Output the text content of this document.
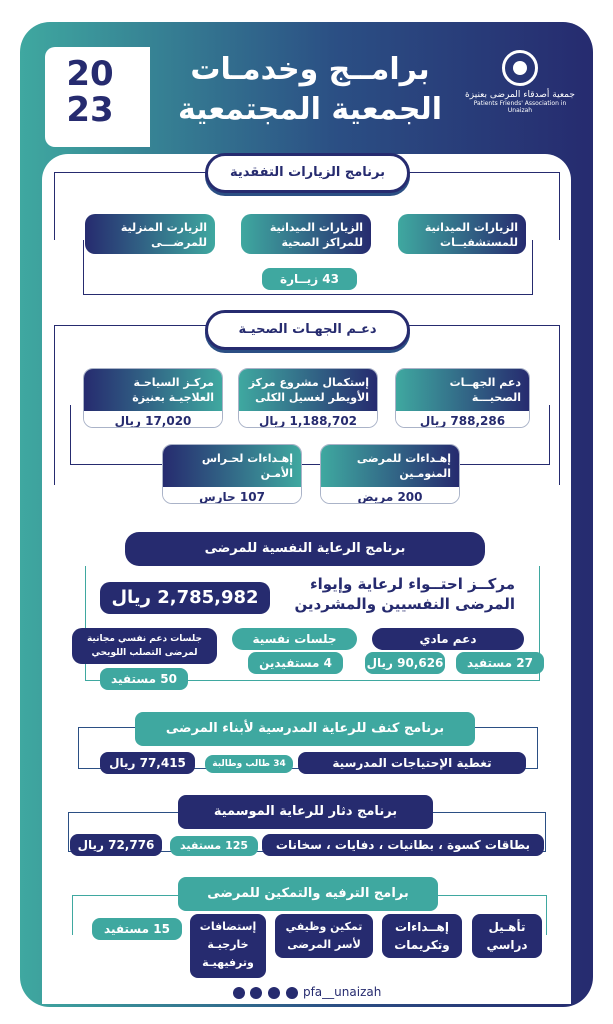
20
23
برامــج وخدمـات
الجمعية المجتمعية	جمعية أصدقاء المرضى بعنيزة
Patients Friends' Association in Unaizah
برنامج الزيارات التفقدية
الزيارات الميدانية للمستشفيــات
الزيارات الميدانية للمراكز الصحية
الزيارت المنزلية للمرضـــى
43 زيــارة
دعـم الجهـات الصحيـة
دعم الجهــات الصحيـــة
788,286 ريال
إستكمال مشروع مركز الأويطر لغسيل الكلى
1,188,702 ريال
مركـز السياحـة العلاجيـة بعنيزة
17,020 ريال
إهـداءات للمرضى المنومـين
200 مريض
إهـداءات لحـراس الأمـن
107 حارس
برنامج الرعاية النفسية للمرضى
مركــز احتــواء لرعاية وإيواء المرضى النفسيين والمشردين
2,785,982 ريال
دعم مادي
27 مستفيد
90,626 ريال
جلسات نفسية
4 مستفيدين
جلسات دعم نفسي مجانية لمرضى التصلب اللويحي
50 مستفيد
برنامج كنف للرعاية المدرسية لأبناء المرضى
تغطية الإحتياجات المدرسية
34 طالب وطالبة
77,415 ريال
برنامج دثار للرعاية الموسمية
بطاقات كسوة ، بطانيات ، دفايات ، سخانات
125 مستفيد
72,776 ريال
برامج الترفيه والتمكين للمرضى
تأهـيل دراسي
إهــداءات وتكريمات
تمكين وظيفي لأسر المرضى
إستضافات خارجيـة وترفيهيـة
15 مستفيد
pfa__unaizah
